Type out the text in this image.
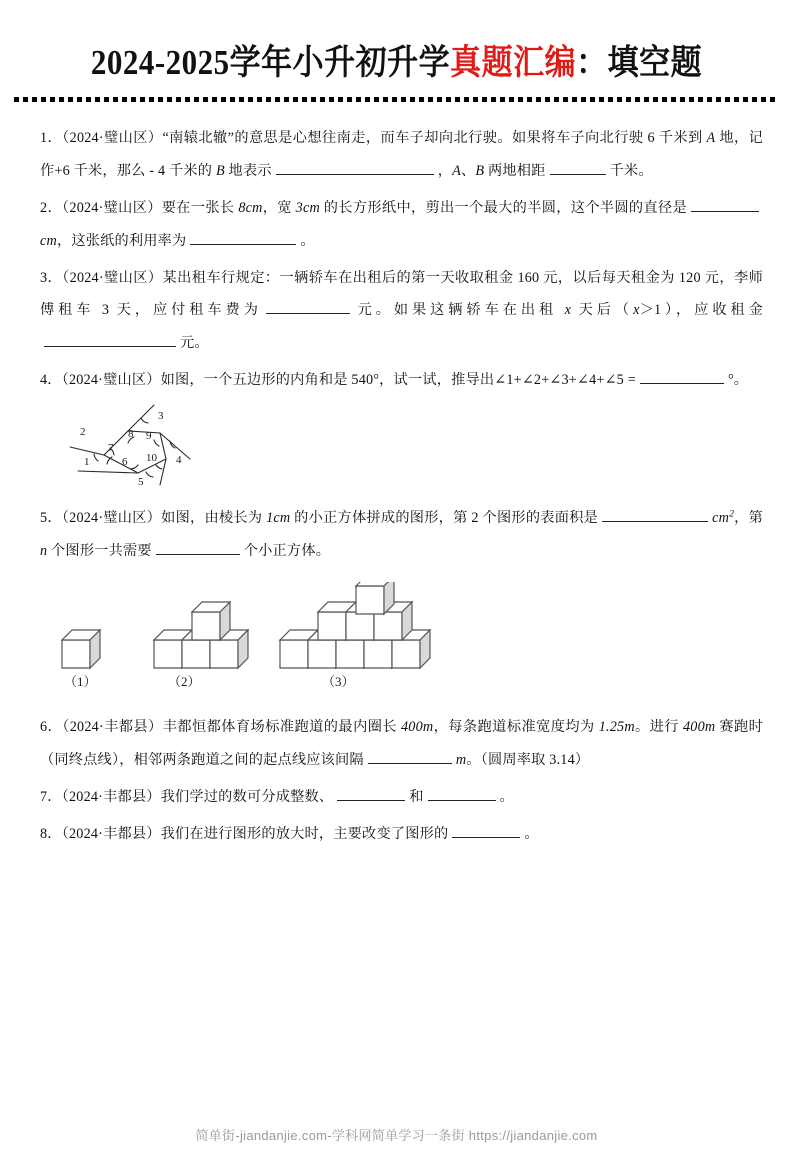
2024-2025学年小升初升学真题汇编：填空题
1．（2024·璧山区）“南辕北辙”的意思是心想往南走，而车子却向北行驶。如果将车子向北行驶 6 千米到 A 地，记作+6 千米，那么 - 4 千米的 B 地表示	，A、B 两地相距	千米。
2．（2024·璧山区）要在一张长 8cm，宽 3cm 的长方形纸中，剪出一个最大的半圆，这个半圆的直径是cm，这张纸的利用率为	。
3．（2024·璧山区）某出租车行规定：一辆轿车在出租后的第一天收取租金 160 元，以后每天租金为 120 元，李师傅租车 3 天，应付租车费为	元。如果这辆轿车在出租 x 天后（x＞1），应收租金元。
4．（2024·璧山区）如图，一个五边形的内角和是 540°，试一试，推导出∠1+∠2+∠3+∠4+∠5 =	°。
1
2
3
4
5
6
7
8 9
10
5．（2024·璧山区）如图，由棱长为 1cm 的小正方体拼成的图形，第 2 个图形的表面积是	$cm^2$，第 n 个图形一共需要	个小正方体。
（1）	（2）	（3）
6．（2024·丰都县）丰都恒都体育场标准跑道的最内圈长 400m，每条跑道标准宽度均为 1.25m。进行 400m 赛跑时（同终点线），相邻两条跑道之间的起点线应该间隔	m。（圆周率取 3.14）
7．（2024·丰都县）我们学过的数可分成整数、	和	。
8．（2024·丰都县）我们在进行图形的放大时，主要改变了图形的	。
简单街-jiandanjie.com-学科网简单学习一条街 https://jiandanjie.com
